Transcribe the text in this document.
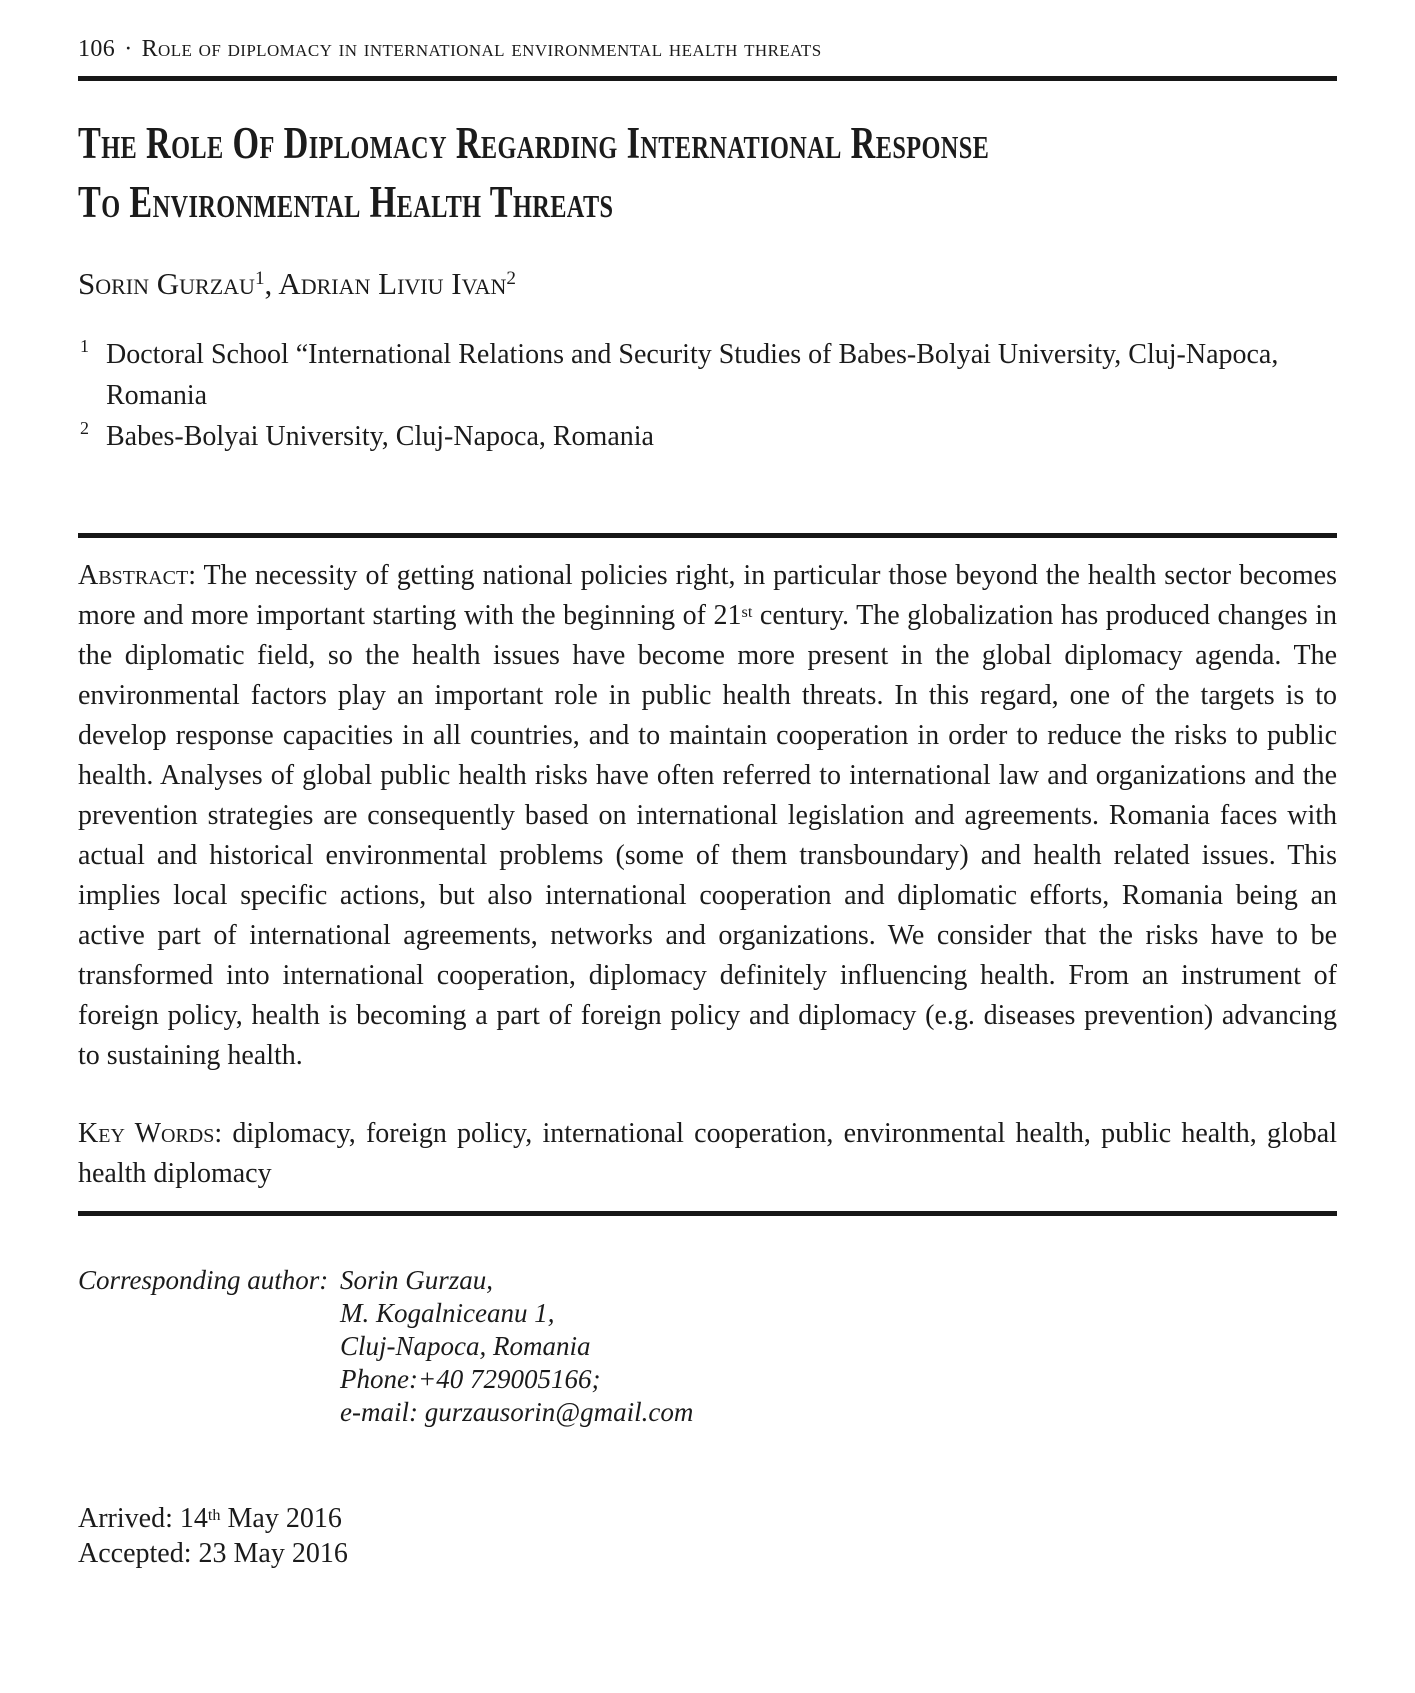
106 · Role of diplomacy in international environmental health threats
The Role Of Diplomacy Regarding International Response
To Environmental Health Threats
Sorin Gurzau$^1$, Adrian Liviu Ivan$^2$
1 Doctoral School “International Relations and Security Studies of Babes-Bolyai University, Cluj-Napoca, Romania
2 Babes-Bolyai University, Cluj-Napoca, Romania

Abstract: The necessity of getting national policies right, in particular those beyond the health sector becomes more and more important starting with the beginning of 21st century. The globalization has produced changes in the diplomatic field, so the health issues have become more present in the global diplomacy agenda. The environmental factors play an important role in public health threats. In this regard, one of the targets is to develop response capacities in all countries, and to maintain cooperation in order to reduce the risks to public health. Analyses of global public health risks have often referred to international law and organizations and the prevention strategies are consequently based on international legislation and agreements. Romania faces with actual and historical environmental problems (some of them transboundary) and health related issues. This implies local specific actions, but also international cooperation and diplomatic efforts, Romania being an active part of international agreements, networks and organizations. We consider that the risks have to be transformed into international cooperation, diplomacy definitely influencing health. From an instrument of foreign policy, health is becoming a part of foreign policy and diplomacy (e.g. diseases prevention) advancing to sustaining health.

Key Words: diplomacy, foreign policy, international cooperation, environmental health, public health, global health diplomacy

Corresponding author: Sorin Gurzau,
M. Kogalniceanu 1,
Cluj-Napoca, Romania
Phone:+40 729005166;
e-mail: gurzausorin@gmail.com
Arrived: 14th May 2016
Accepted: 23 May 2016
